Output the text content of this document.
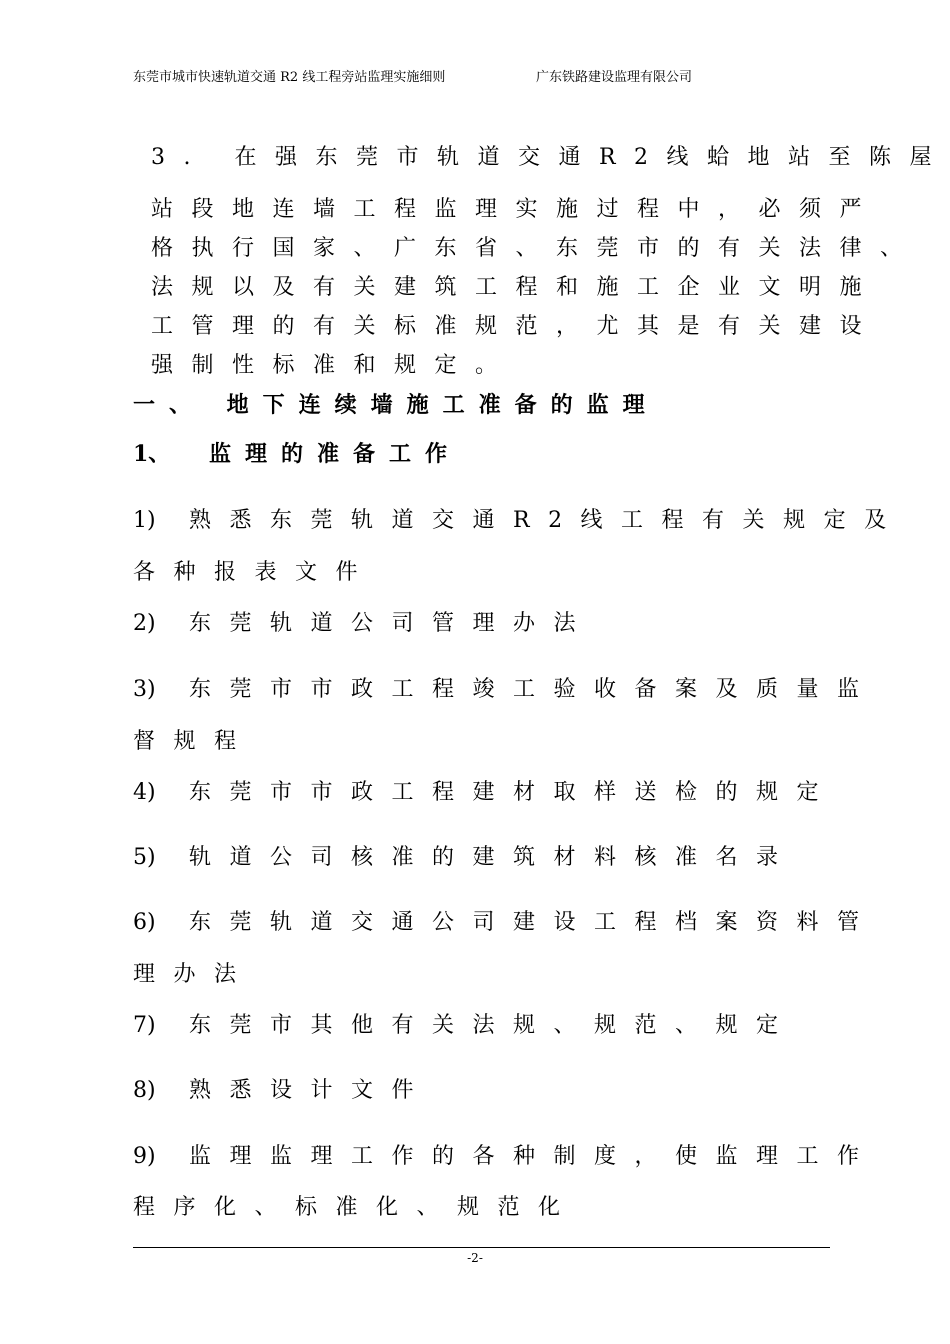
东莞市城市快速轨道交通 R2 线工程旁站监理实施细则	广东铁路建设监理有限公司
3. 在强东莞市轨道交通R2线蛤地站至陈屋
站段地连墙工程监理实施过程中，必须严
格执行国家、广东省、东莞市的有关法律、
法规以及有关建筑工程和施工企业文明施
工管理的有关标准规范，尤其是有关建设
强制性标准和规定。
一、 地下连续墙施工准备的监理
1、 监理的准备工作
1) 熟悉东莞轨道交通R2线工程有关规定及
各种报表文件
2) 东莞轨道公司管理办法
3) 东莞市市政工程竣工验收备案及质量监
督规程
4) 东莞市市政工程建材取样送检的规定
5) 轨道公司核准的建筑材料核准名录
6) 东莞轨道交通公司建设工程档案资料管
理办法
7) 东莞市其他有关法规、规范、规定
8) 熟悉设计文件
9) 监理监理工作的各种制度，使监理工作
程序化、标准化、规范化
-2-
